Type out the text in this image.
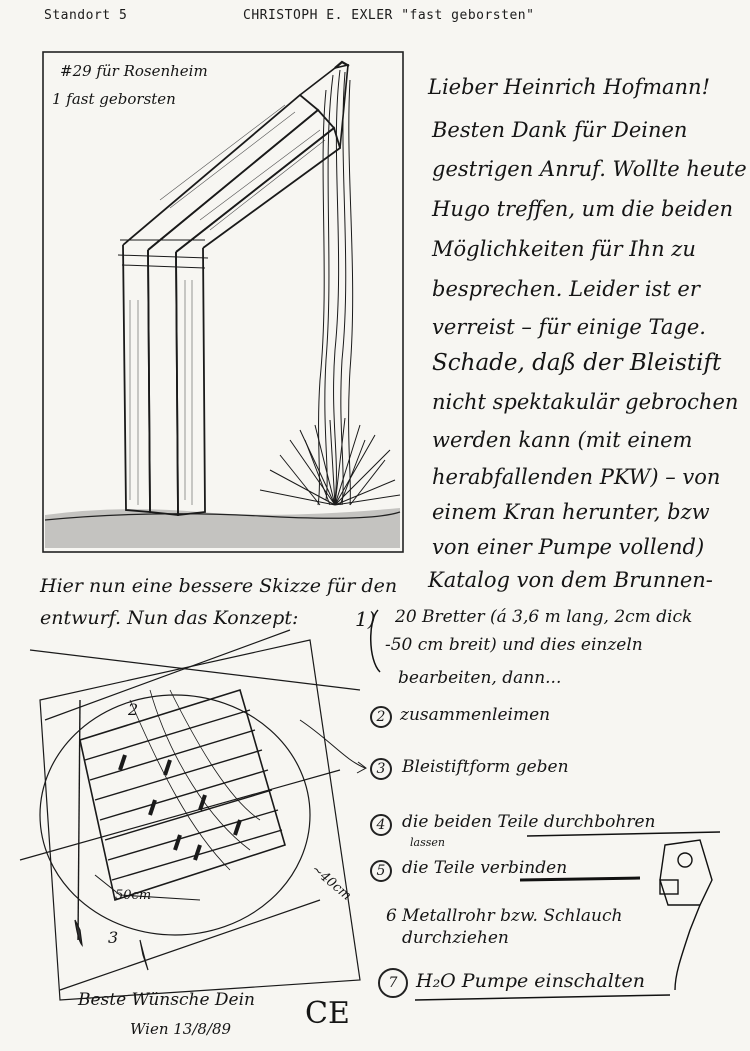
Standort 5	CHRISTOPH E. EXLER "fast geborsten"
#29 für Rosenheim
1 fast geborsten	Lieber Heinrich Hofmann!
Besten Dank für Deinen
gestrigen Anruf. Wollte heute
Hugo treffen, um die beiden
Möglichkeiten für Ihn zu
besprechen. Leider ist er
verreist – für einige Tage.
Schade, daß der Bleistift
nicht spektakulär gebrochen
werden kann (mit einem
herabfallenden PKW) – von
einem Kran herunter, bzw
von einer Pumpe vollend)
Katalog von dem Brunnen-
Hier nun eine bessere Skizze für den
entwurf. Nun das Konzept:	1) 20 Bretter (á 3,6 m lang, 2cm dick
-50 cm breit) und dies einzeln
bearbeiten, dann...
2 zusammenleimen
3 Bleistiftform geben
4 die beiden Teile durchbohren
lassen
5 die Teile verbinden
6 Metallrohr bzw. Schlauch
durchziehen
7 H₂O Pumpe einschalten
2
3
50cm	~40cm
Beste Wünsche Dein
Wien 13/8/89 CE
